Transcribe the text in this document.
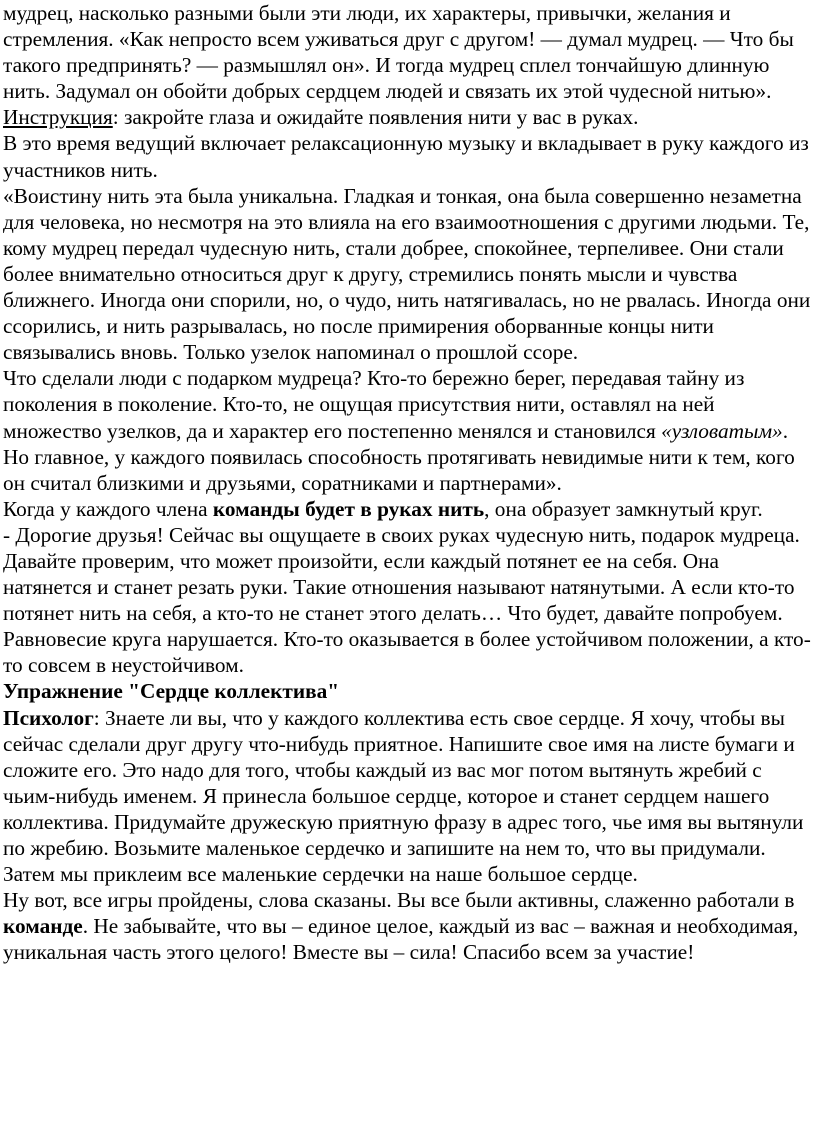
мудрец, насколько разными были эти люди, их характеры, привычки, желания и стремления. «Как непросто всем уживаться друг с другом! — думал мудрец. — Что бы такого предпринять? — размышлял он». И тогда мудрец сплел тончайшую длинную нить. Задумал он обойти добрых сердцем людей и связать их этой чудесной нитью».

Инструкция: закройте глаза и ожидайте появления нити у вас в руках.

В это время ведущий включает релаксационную музыку и вкладывает в руку каждого из участников нить.

«Воистину нить эта была уникальна. Гладкая и тонкая, она была совершенно незаметна для человека, но несмотря на это влияла на его взаимоотношения с другими людьми. Те, кому мудрец передал чудесную нить, стали добрее, спокойнее, терпеливее. Они стали более внимательно относиться друг к другу, стремились понять мысли и чувства ближнего. Иногда они спорили, но, о чудо, нить натягивалась, но не рвалась. Иногда они ссорились, и нить разрывалась, но после примирения оборванные концы нити связывались вновь. Только узелок напоминал о прошлой ссоре.

Что сделали люди с подарком мудреца? Кто-то бережно берег, передавая тайну из поколения в поколение. Кто-то, не ощущая присутствия нити, оставлял на ней множество узелков, да и характер его постепенно менялся и становился «узловатым». Но главное, у каждого появилась способность протягивать невидимые нити к тем, кого он считал близкими и друзьями, соратниками и партнерами».

Когда у каждого члена команды будет в руках нить, она образует замкнутый круг.

- Дорогие друзья! Сейчас вы ощущаете в своих руках чудесную нить, подарок мудреца. Давайте проверим, что может произойти, если каждый потянет ее на себя. Она натянется и станет резать руки. Такие отношения называют натянутыми. А если кто-то потянет нить на себя, а кто-то не станет этого делать… Что будет, давайте попробуем. Равновесие круга нарушается. Кто-то оказывается в более устойчивом положении, а кто-то совсем в неустойчивом.

Упражнение "Сердце коллектива"

Психолог: Знаете ли вы, что у каждого коллектива есть свое сердце. Я хочу, чтобы вы сейчас сделали друг другу что-нибудь приятное. Напишите свое имя на листе бумаги и сложите его. Это надо для того, чтобы каждый из вас мог потом вытянуть жребий с чьим-нибудь именем. Я принесла большое сердце, которое и станет сердцем нашего коллектива. Придумайте дружескую приятную фразу в адрес того, чье имя вы вытянули по жребию. Возьмите маленькое сердечко и запишите на нем то, что вы придумали. Затем мы приклеим все маленькие сердечки на наше большое сердце.

Ну вот, все игры пройдены, слова сказаны. Вы все были активны, слаженно работали в команде. Не забывайте, что вы – единое целое, каждый из вас – важная и необходимая, уникальная часть этого целого! Вместе вы – сила! Спасибо всем за участие!
